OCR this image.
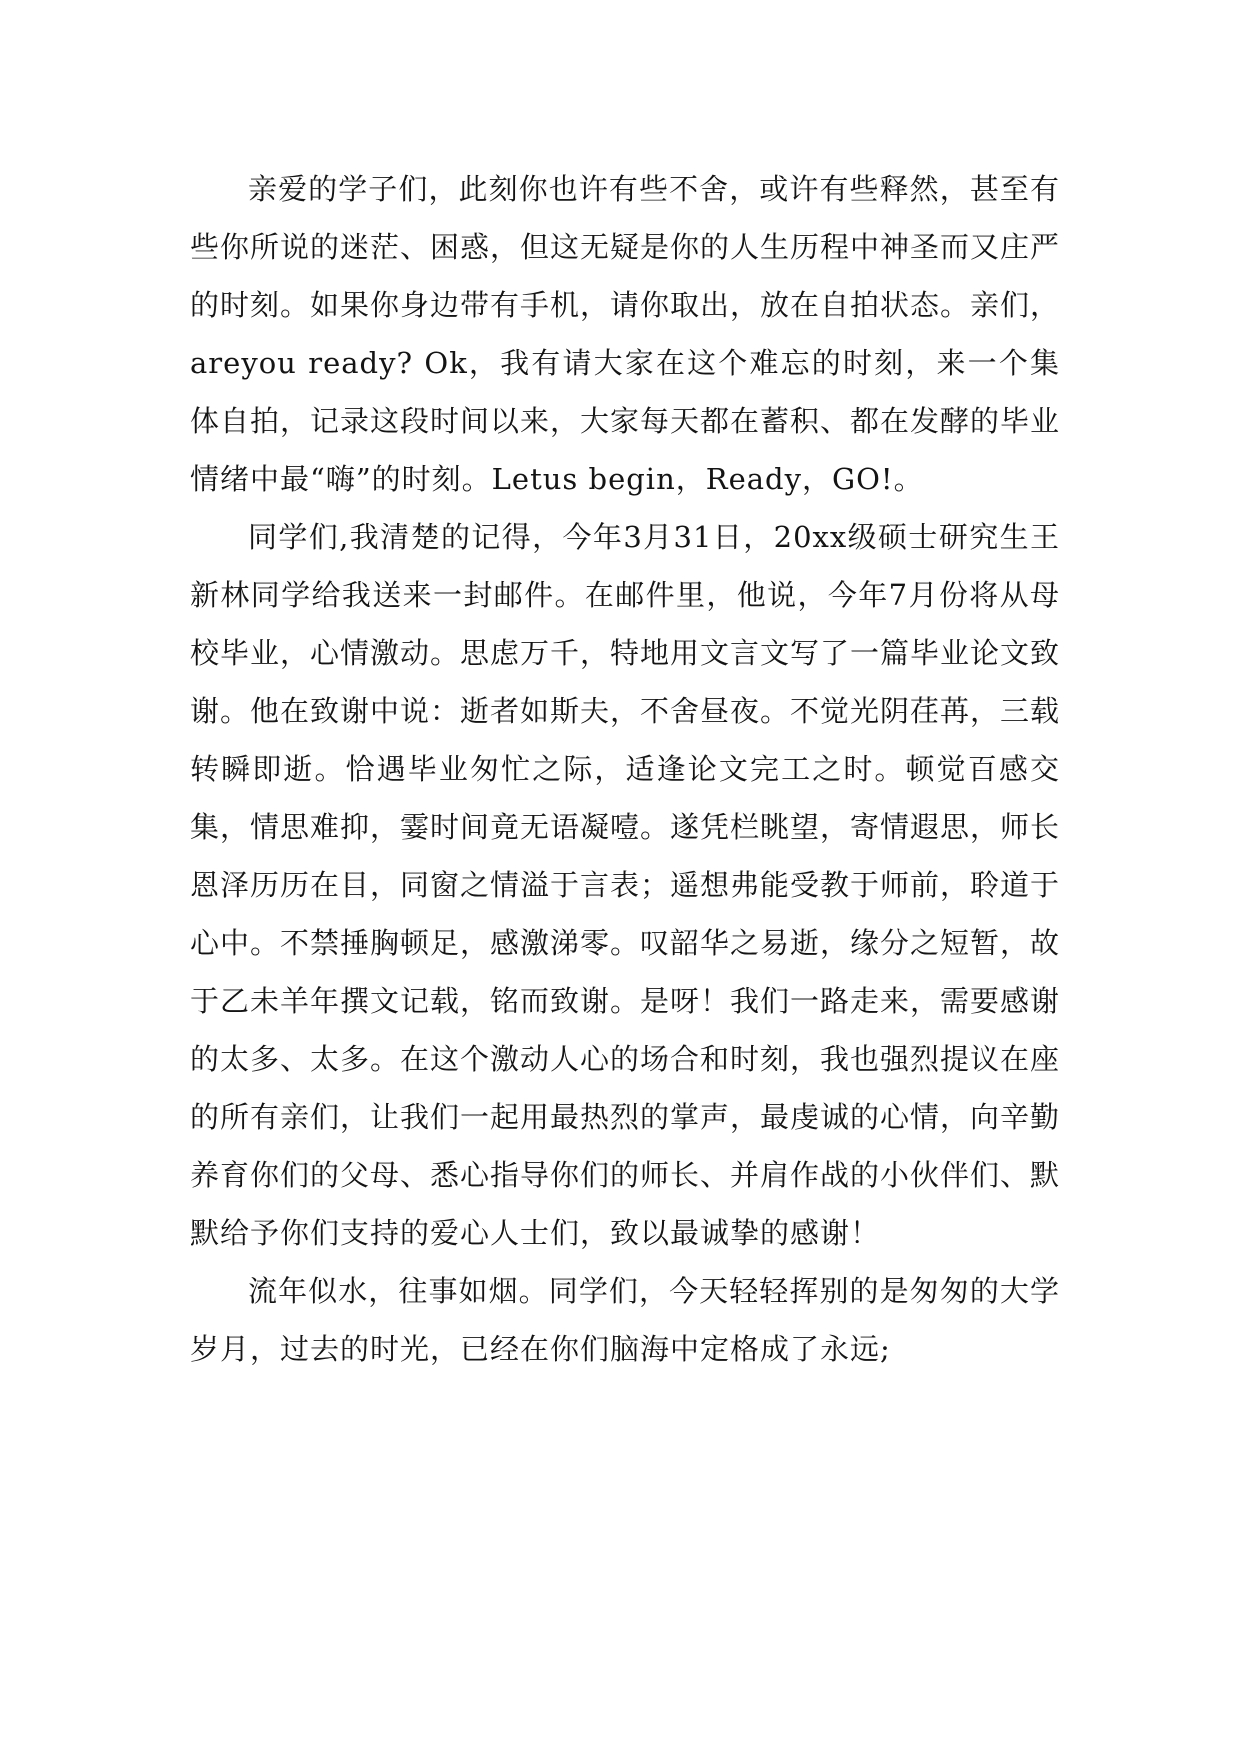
亲爱的学子们，此刻你也许有些不舍，或许有些释然，甚至有些你所说的迷茫、困惑，但这无疑是你的人生历程中神圣而又庄严的时刻。如果你身边带有手机，请你取出，放在自拍状态。亲们，areyou ready? Ok，我有请大家在这个难忘的时刻，来一个集体自拍，记录这段时间以来，大家每天都在蓄积、都在发酵的毕业情绪中最“嗨”的时刻。Letus begin，Ready，GO!。

同学们,我清楚的记得，今年3月31日，20xx级硕士研究生王新林同学给我送来一封邮件。在邮件里，他说，今年7月份将从母校毕业，心情激动。思虑万千，特地用文言文写了一篇毕业论文致谢。他在致谢中说：逝者如斯夫，不舍昼夜。不觉光阴荏苒，三载转瞬即逝。恰遇毕业匆忙之际，适逢论文完工之时。顿觉百感交集，情思难抑，霎时间竟无语凝噎。遂凭栏眺望，寄情遐思，师长恩泽历历在目，同窗之情溢于言表；遥想弗能受教于师前，聆道于心中。不禁捶胸顿足，感激涕零。叹韶华之易逝，缘分之短暂，故于乙未羊年撰文记载，铭而致谢。是呀！我们一路走来，需要感谢的太多、太多。在这个激动人心的场合和时刻，我也强烈提议在座的所有亲们，让我们一起用最热烈的掌声，最虔诚的心情，向辛勤养育你们的父母、悉心指导你们的师长、并肩作战的小伙伴们、默默给予你们支持的爱心人士们，致以最诚挚的感谢！

流年似水，往事如烟。同学们，今天轻轻挥别的是匆匆的大学岁月，过去的时光，已经在你们脑海中定格成了永远;
